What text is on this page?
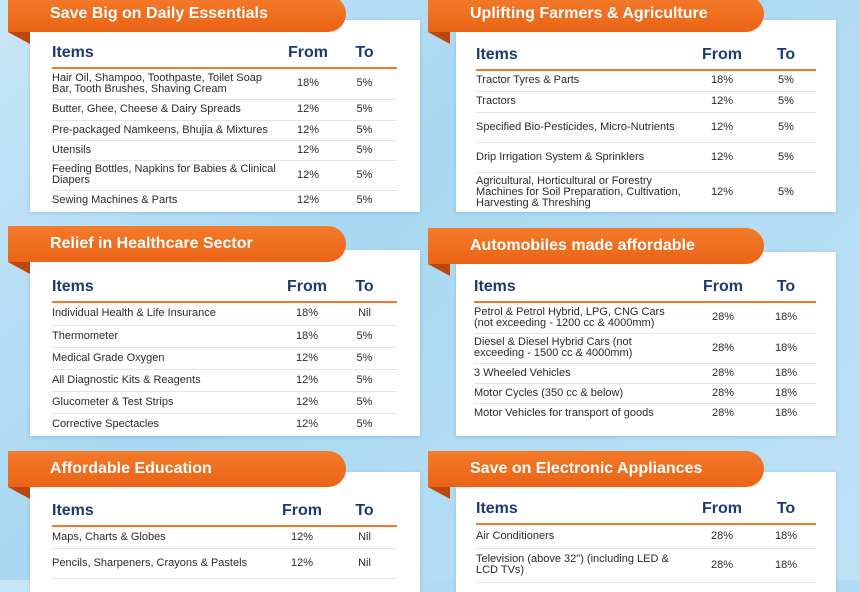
Save Big on Daily Essentials
Items	From	To
Hair Oil, Shampoo, Toothpaste, Toilet Soap Bar, Tooth Brushes, Shaving Cream	18%	5%
Butter, Ghee, Cheese & Dairy Spreads	12%	5%
Pre-packaged Namkeens, Bhujia & Mixtures	12%	5%
Utensils	12%	5%
Feeding Bottles, Napkins for Babies & Clinical Diapers	12%	5%
Sewing Machines & Parts	12%	5%
Uplifting Farmers & Agriculture
Items	From	To
Tractor Tyres & Parts	18%	5%
Tractors	12%	5%
Specified Bio-Pesticides, Micro-Nutrients	12%	5%
Drip Irrigation System & Sprinklers	12%	5%
Agricultural, Horticultural or Forestry Machines for Soil Preparation, Cultivation, Harvesting & Threshing	12%	5%
Relief in Healthcare Sector
Items	From	To
Individual Health & Life Insurance	18%	Nil
Thermometer	18%	5%
Medical Grade Oxygen	12%	5%
All Diagnostic Kits & Reagents	12%	5%
Glucometer & Test Strips	12%	5%
Corrective Spectacles	12%	5%
Automobiles made affordable
Items	From	To
Petrol & Petrol Hybrid, LPG, CNG Cars (not exceeding - 1200 cc & 4000mm)	28%	18%
Diesel & Diesel Hybrid Cars (not exceeding - 1500 cc & 4000mm)	28%	18%
3 Wheeled Vehicles	28%	18%
Motor Cycles (350 cc & below)	28%	18%
Motor Vehicles for transport of goods	28%	18%
Affordable Education
Items	From	To
Maps, Charts & Globes	12%	Nil
Pencils, Sharpeners, Crayons & Pastels	12%	Nil
Save on Electronic Appliances
Items	From	To
Air Conditioners	28%	18%
Television (above 32") (including LED & LCD TVs)	28%	18%
